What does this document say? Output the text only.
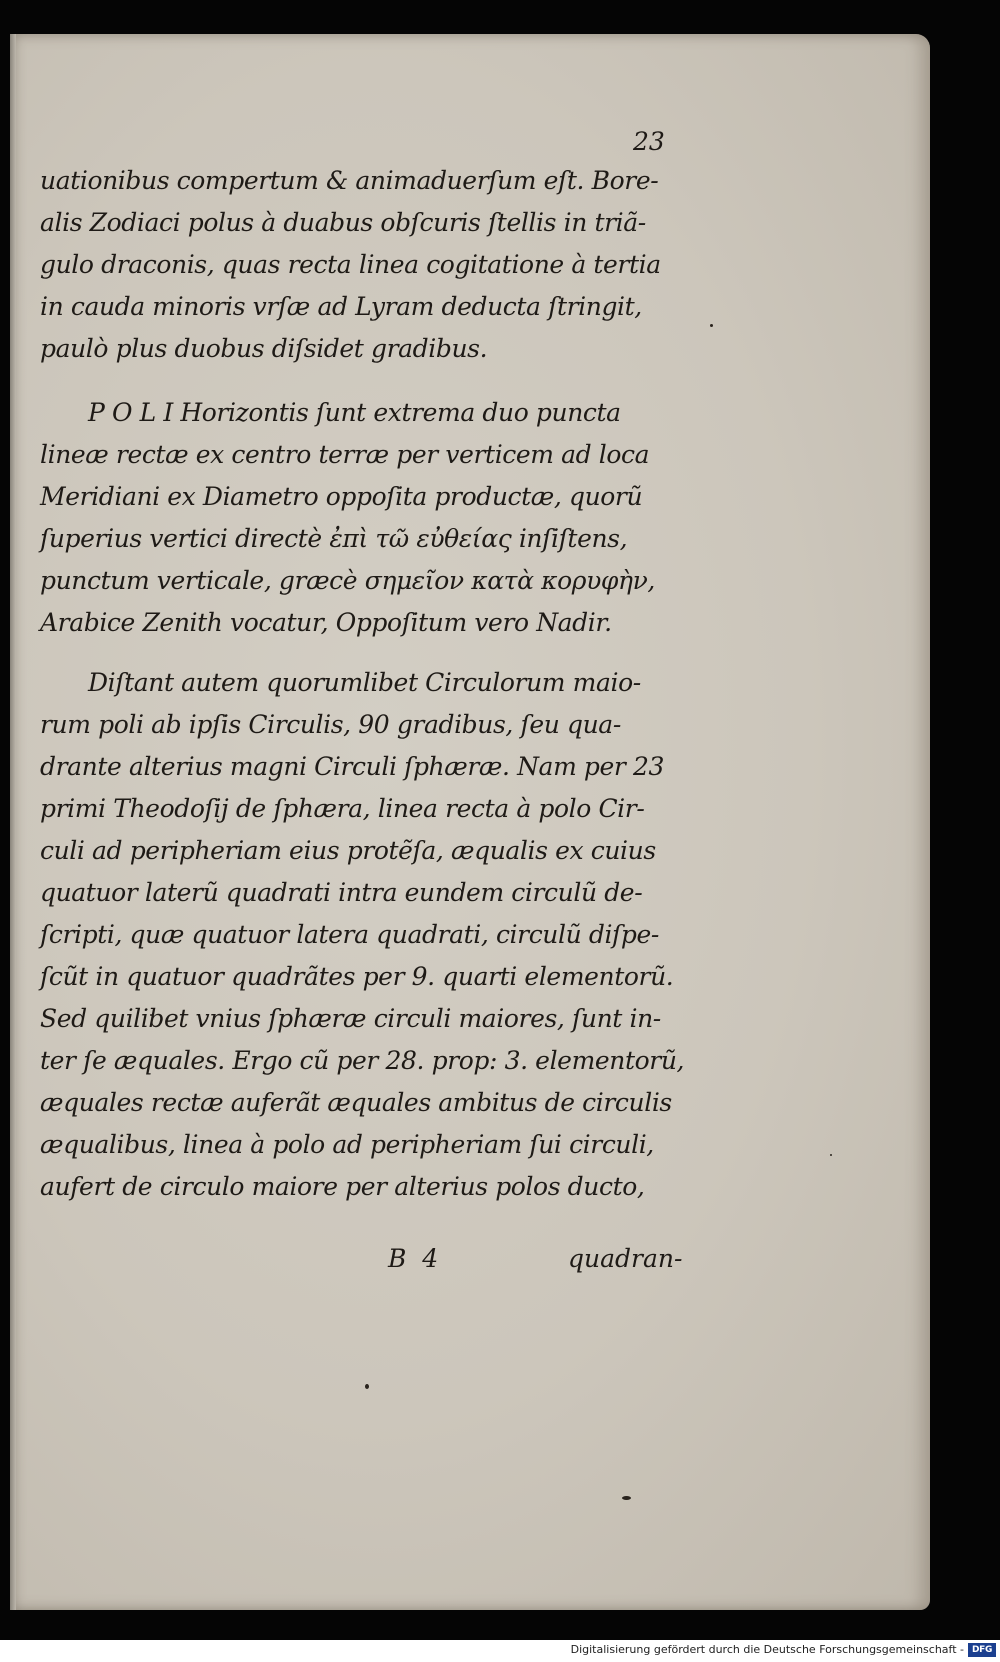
23
uationibus compertum & animaduerſum eſt. Bore-
alis Zodiaci polus à duabus obſcuris ſtellis in triã-
gulo draconis, quas recta linea cogitatione à tertia
in cauda minoris vrſæ ad Lyram deducta ſtringit,
paulò plus duobus diſsidet gradibus.
P O L I Horizontis ſunt extrema duo puncta
lineæ rectæ ex centro terræ per verticem ad loca
Meridiani ex Diametro oppoſita productæ, quorũ
ſuperius vertici directè ἐπὶ τῶ εὐθείας inſiſtens,
punctum verticale, græcè σημεῖον κατὰ κορυφὴν,
Arabice Zenith vocatur, Oppoſitum vero Nadir.
Diſtant autem quorumlibet Circulorum maio-
rum poli ab ipſis Circulis, 90 gradibus, ſeu qua-
drante alterius magni Circuli ſphæræ. Nam per 23
primi Theodoſij de ſphæra, linea recta à polo Cir-
culi ad peripheriam eius protẽſa, æqualis ex cuius
quatuor laterũ quadrati intra eundem circulũ de-
ſcripti, quæ quatuor latera quadrati, circulũ diſpe-
ſcũt in quatuor quadrãtes per 9. quarti elementorũ.
Sed quilibet vnius ſphæræ circuli maiores, ſunt in-
ter ſe æquales. Ergo cũ per 28. prop: 3. elementorũ,
æquales rectæ auferãt æquales ambitus de circulis
æqualibus, linea à polo ad peripheriam ſui circuli,
aufert de circulo maiore per alterius polos ducto,
B  4	quadran-
Digitalisierung gefördert durch die Deutsche Forschungsgemeinschaft - DFG
